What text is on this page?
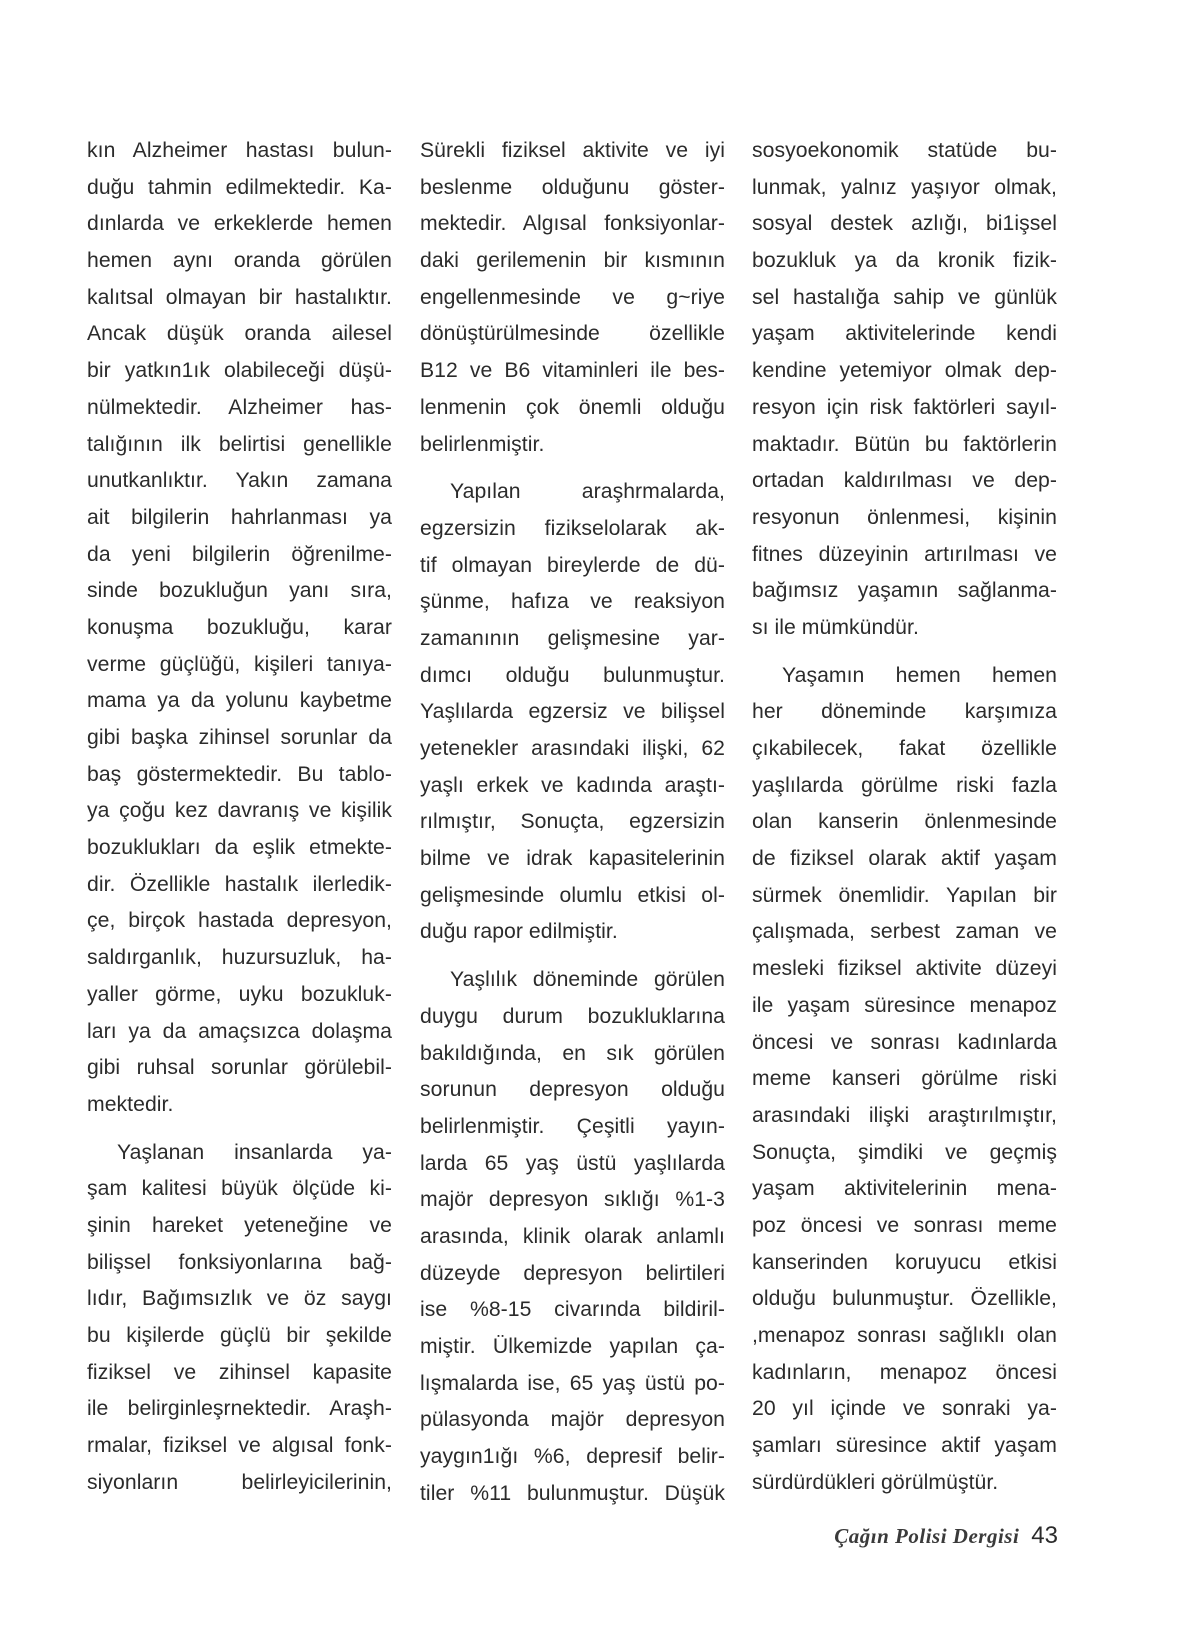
kın Alzheimer hastası bulun-
duğu tahmin edilmektedir. Ka-
dınlarda ve erkeklerde hemen
hemen aynı oranda görülen
kalıtsal olmayan bir hastalıktır.
Ancak düşük oranda ailesel
bir yatkın1ık olabileceği düşü-
nülmektedir. Alzheimer has-
talığının ilk belirtisi genellikle
unutkanlıktır. Yakın zamana
ait bilgilerin hahrlanması ya
da yeni bilgilerin öğrenilme-
sinde bozukluğun yanı sıra,
konuşma bozukluğu, karar
verme güçlüğü, kişileri tanıya-
mama ya da yolunu kaybetme
gibi başka zihinsel sorunlar da
baş göstermektedir. Bu tablo-
ya çoğu kez davranış ve kişilik
bozuklukları da eşlik etmekte-
dir. Özellikle hastalık ilerledik-
çe, birçok hastada depresyon,
saldırganlık, huzursuzluk, ha-
yaller görme, uyku bozukluk-
ları ya da amaçsızca dolaşma
gibi ruhsal sorunlar görülebil-
mektedir.
Yaşlanan insanlarda ya-
şam kalitesi büyük ölçüde ki-
şinin hareket yeteneğine ve
bilişsel fonksiyonlarına bağ-
lıdır, Bağımsızlık ve öz saygı
bu kişilerde güçlü bir şekilde
fiziksel ve zihinsel kapasite
ile belirginleşrnektedir. Araşh-
rmalar, fiziksel ve algısal fonk-
siyonların belirleyicilerinin,
Sürekli fiziksel aktivite ve iyi
beslenme olduğunu göster-
mektedir. Algısal fonksiyonlar-
daki gerilemenin bir kısmının
engellenmesinde ve g~riye
dönüştürülmesinde özellikle
B12 ve B6 vitaminleri ile bes-
lenmenin çok önemli olduğu
belirlenmiştir.
Yapılan araşhrmalarda,
egzersizin fizikselolarak ak-
tif olmayan bireylerde de dü-
şünme, hafıza ve reaksiyon
zamanının gelişmesine yar-
dımcı olduğu bulunmuştur.
Yaşlılarda egzersiz ve bilişsel
yetenekler arasındaki ilişki, 62
yaşlı erkek ve kadında araştı-
rılmıştır, Sonuçta, egzersizin
bilme ve idrak kapasitelerinin
gelişmesinde olumlu etkisi ol-
duğu rapor edilmiştir.
Yaşlılık döneminde görülen
duygu durum bozukluklarına
bakıldığında, en sık görülen
sorunun depresyon olduğu
belirlenmiştir. Çeşitli yayın-
larda 65 yaş üstü yaşlılarda
majör depresyon sıklığı %1-3
arasında, klinik olarak anlamlı
düzeyde depresyon belirtileri
ise %8-15 civarında bildiril-
miştir. Ülkemizde yapılan ça-
lışmalarda ise, 65 yaş üstü po-
pülasyonda majör depresyon
yaygın1ığı %6, depresif belir-
tiler %11 bulunmuştur. Düşük
sosyoekonomik statüde bu-
lunmak, yalnız yaşıyor olmak,
sosyal destek azlığı, bi1işsel
bozukluk ya da kronik fizik-
sel hastalığa sahip ve günlük
yaşam aktivitelerinde kendi
kendine yetemiyor olmak dep-
resyon için risk faktörleri sayıl-
maktadır. Bütün bu faktörlerin
ortadan kaldırılması ve dep-
resyonun önlenmesi, kişinin
fitnes düzeyinin artırılması ve
bağımsız yaşamın sağlanma-
sı ile mümkündür.
Yaşamın hemen hemen
her döneminde karşımıza
çıkabilecek, fakat özellikle
yaşlılarda görülme riski fazla
olan kanserin önlenmesinde
de fiziksel olarak aktif yaşam
sürmek önemlidir. Yapılan bir
çalışmada, serbest zaman ve
mesleki fiziksel aktivite düzeyi
ile yaşam süresince menapoz
öncesi ve sonrası kadınlarda
meme kanseri görülme riski
arasındaki ilişki araştırılmıştır,
Sonuçta, şimdiki ve geçmiş
yaşam aktivitelerinin mena-
poz öncesi ve sonrası meme
kanserinden koruyucu etkisi
olduğu bulunmuştur. Özellikle,
,menapoz sonrası sağlıklı olan
kadınların, menapoz öncesi
20 yıl içinde ve sonraki ya-
şamları süresince aktif yaşam
sürdürdükleri görülmüştür.
Çağın Polisi Dergisi 43
